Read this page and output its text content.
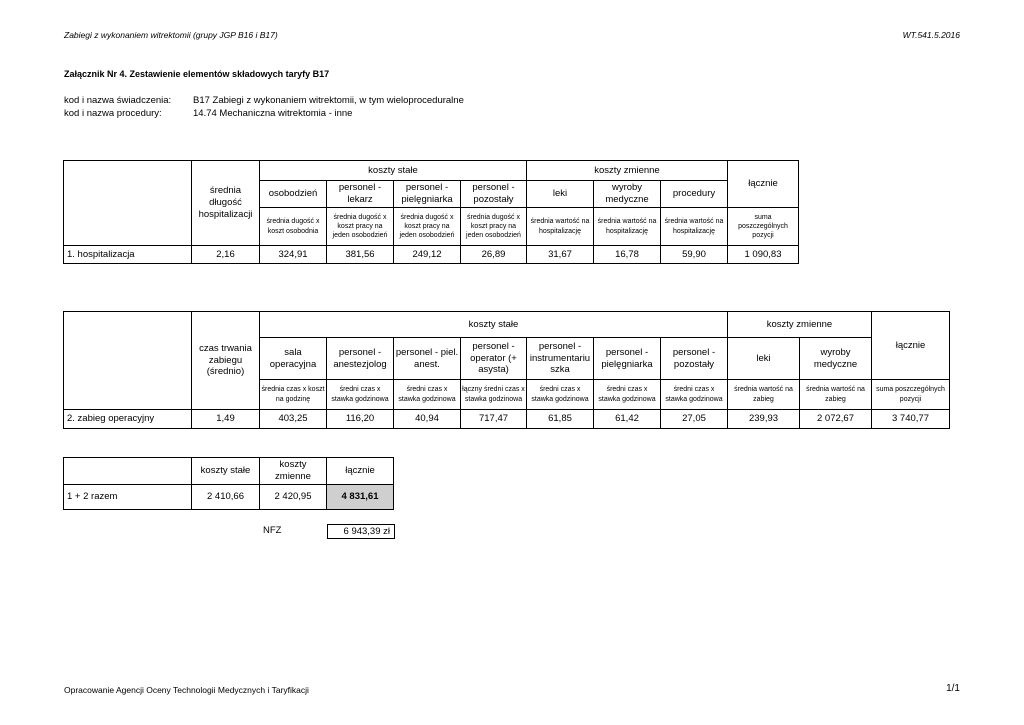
Zabiegi z wykonaniem witrektomii (grupy JGP B16 i B17)	WT.541.5.2016
Załącznik Nr 4. Zestawienie elementów składowych taryfy B17
kod i nazwa świadczenia: B17 Zabiegi z wykonaniem witrektomii, w tym wieloproceduralne
kod i nazwa procedury:	14.74 Mechaniczna witrektomia - inne
	średnia długość hospitalizacji	koszty stałe				koszty zmienne			łącznie
		osobodzień	personel - lekarz	personel - pielęgniarka	personel - pozostały	leki	wyroby medyczne	procedury	
		średnia dugość x koszt osobodnia	średnia dugość x koszt pracy na jeden osobodzień	średnia dugość x koszt pracy na jeden osobodzień	średnia dugość x koszt pracy na jeden osobodzień	średnia wartość na hospitalizację	średnia wartość na hospitalizację	średnia wartość na hospitalizację	suma poszczególnych pozycji
1. hospitalizacja	2,16	324,91	381,56	249,12	26,89	31,67	16,78	59,90	1 090,83
	czas trwania zabiegu (średnio)	koszty stałe							koszty zmienne		łącznie
		sala operacyjna	personel - anestezjolog	personel - piel. anest.	personel - operator (+ asysta)	personel - instrumentariu szka	personel - pielęgniarka	personel - pozostały	leki	wyroby medyczne	
		średnia czas x koszt na godzinę	średni czas x stawka godzinowa	średni czas x stawka godzinowa	łączny średni czas x stawka godzinowa	średni czas x stawka godzinowa	średni czas x stawka godzinowa	średni czas x stawka godzinowa	średnia wartość na zabieg	średnia wartość na zabieg	suma poszczególnych pozycji
2. zabieg operacyjny	1,49	403,25	116,20	40,94	717,47	61,85	61,42	27,05	239,93	2 072,67	3 740,77
	koszty stałe	koszty zmienne	łącznie
1 + 2 razem	2 410,66	2 420,95	4 831,61
NFZ	6 943,39 zł
Opracowanie Agencji Oceny Technologii Medycznych i Taryfikacji	1/1
